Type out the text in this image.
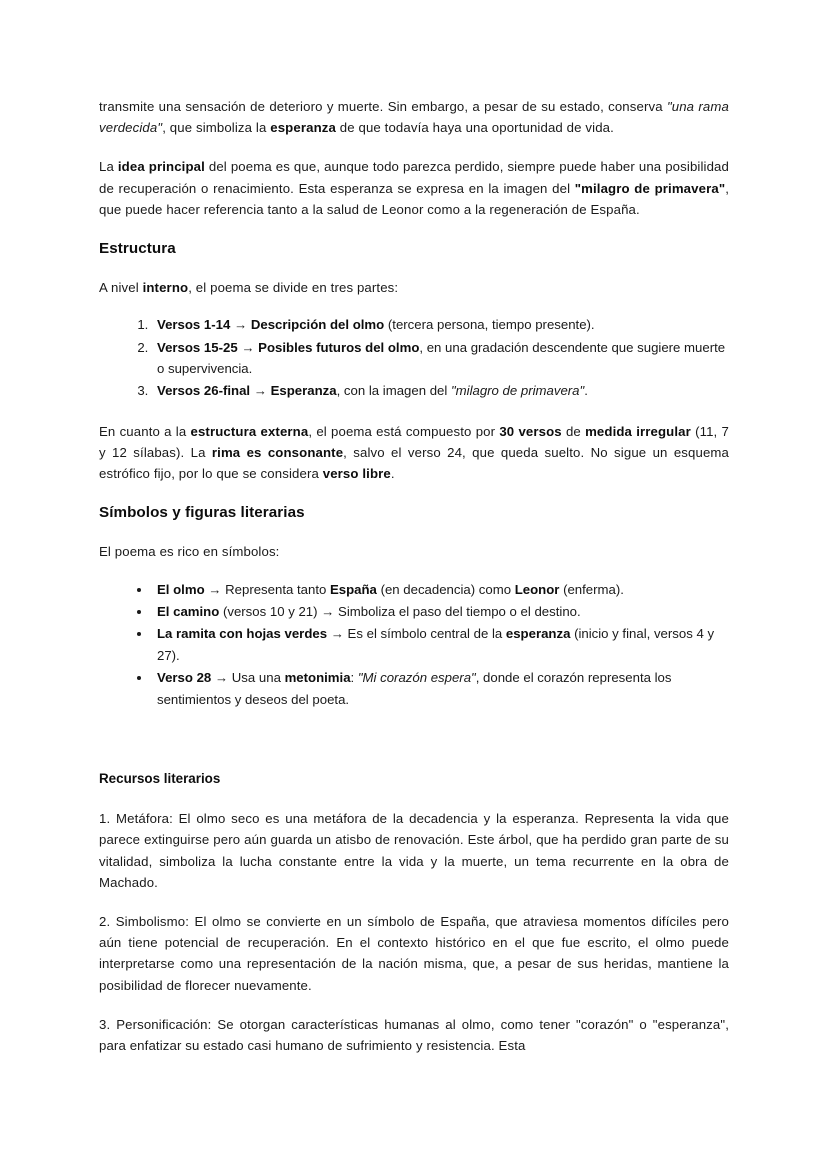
transmite una sensación de deterioro y muerte. Sin embargo, a pesar de su estado, conserva "una rama verdecida", que simboliza la esperanza de que todavía haya una oportunidad de vida.

La idea principal del poema es que, aunque todo parezca perdido, siempre puede haber una posibilidad de recuperación o renacimiento. Esta esperanza se expresa en la imagen del "milagro de primavera", que puede hacer referencia tanto a la salud de Leonor como a la regeneración de España.

Estructura

A nivel interno, el poema se divide en tres partes:

1. Versos 1-14 → Descripción del olmo (tercera persona, tiempo presente).
2. Versos 15-25 → Posibles futuros del olmo, en una gradación descendente que sugiere muerte o supervivencia.
3. Versos 26-final → Esperanza, con la imagen del "milagro de primavera".

En cuanto a la estructura externa, el poema está compuesto por 30 versos de medida irregular (11, 7 y 12 sílabas). La rima es consonante, salvo el verso 24, que queda suelto. No sigue un esquema estrófico fijo, por lo que se considera verso libre.

Símbolos y figuras literarias

El poema es rico en símbolos:

• El olmo → Representa tanto España (en decadencia) como Leonor (enferma).
• El camino (versos 10 y 21) → Simboliza el paso del tiempo o el destino.
• La ramita con hojas verdes → Es el símbolo central de la esperanza (inicio y final, versos 4 y 27).
• Verso 28 → Usa una metonimia: "Mi corazón espera", donde el corazón representa los sentimientos y deseos del poeta.
Recursos literarios

1. Metáfora: El olmo seco es una metáfora de la decadencia y la esperanza. Representa la vida que parece extinguirse pero aún guarda un atisbo de renovación. Este árbol, que ha perdido gran parte de su vitalidad, simboliza la lucha constante entre la vida y la muerte, un tema recurrente en la obra de Machado.

2. Simbolismo: El olmo se convierte en un símbolo de España, que atraviesa momentos difíciles pero aún tiene potencial de recuperación. En el contexto histórico en el que fue escrito, el olmo puede interpretarse como una representación de la nación misma, que, a pesar de sus heridas, mantiene la posibilidad de florecer nuevamente.

3. Personificación: Se otorgan características humanas al olmo, como tener "corazón" o "esperanza", para enfatizar su estado casi humano de sufrimiento y resistencia. Esta
